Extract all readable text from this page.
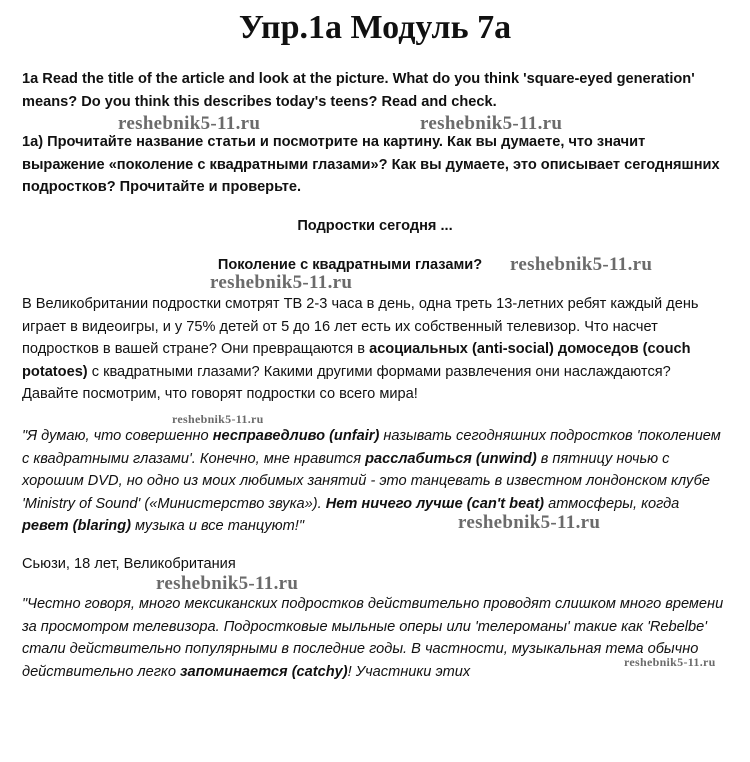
Упр.1а Модуль 7а

1a Read the title of the article and look at the picture. What do you think 'square-eyed generation' means? Do you think this describes today's teens? Read and check.

1а) Прочитайте название статьи и посмотрите на картину. Как вы думаете, что значит выражение «поколение с квадратными глазами»? Как вы думаете, это описывает сегодняшних подростков? Прочитайте и проверьте.

Подростки сегодня ...

Поколение с квадратными глазами?

В Великобритании подростки смотрят ТВ 2-3 часа в день, одна треть 13-летних ребят каждый день играет в видеоигры, и у 75% детей от 5 до 16 лет есть их собственный телевизор. Что насчет подростков в вашей стране? Они превращаются в асоциальных (anti-social) домоседов (couch potatoes) с квадратными глазами? Какими другими формами развлечения они наслаждаются? Давайте посмотрим, что говорят подростки со всего мира!

"Я думаю, что совершенно несправедливо (unfair) называть сегодняшних подростков 'поколением с квадратными глазами'. Конечно, мне нравится расслабиться (unwind) в пятницу ночью с хорошим DVD, но одно из моих любимых занятий - это танцевать в известном лондонском клубе 'Ministry of Sound' («Министерство звука»). Нет ничего лучше (can't beat) атмосферы, когда ревет (blaring) музыка и все танцуют!"

Сьюзи, 18 лет, Великобритания

"Честно говоря, много мексиканских подростков действительно проводят слишком много времени за просмотром телевизора. Подростковые мыльные оперы или 'телероманы' такие как 'Rebelbe' стали действительно популярными в последние годы. В частности, музыкальная тема обычно действительно легко запоминается (catchy)! Участники этих

reshebnik5-11.ru	reshebnik5-11.ru
reshebnik5-11.ru
reshebnik5-11.ru
reshebnik5-11.ru
reshebnik5-11.ru
reshebnik5-11.ru
reshebnik5-11.ru
